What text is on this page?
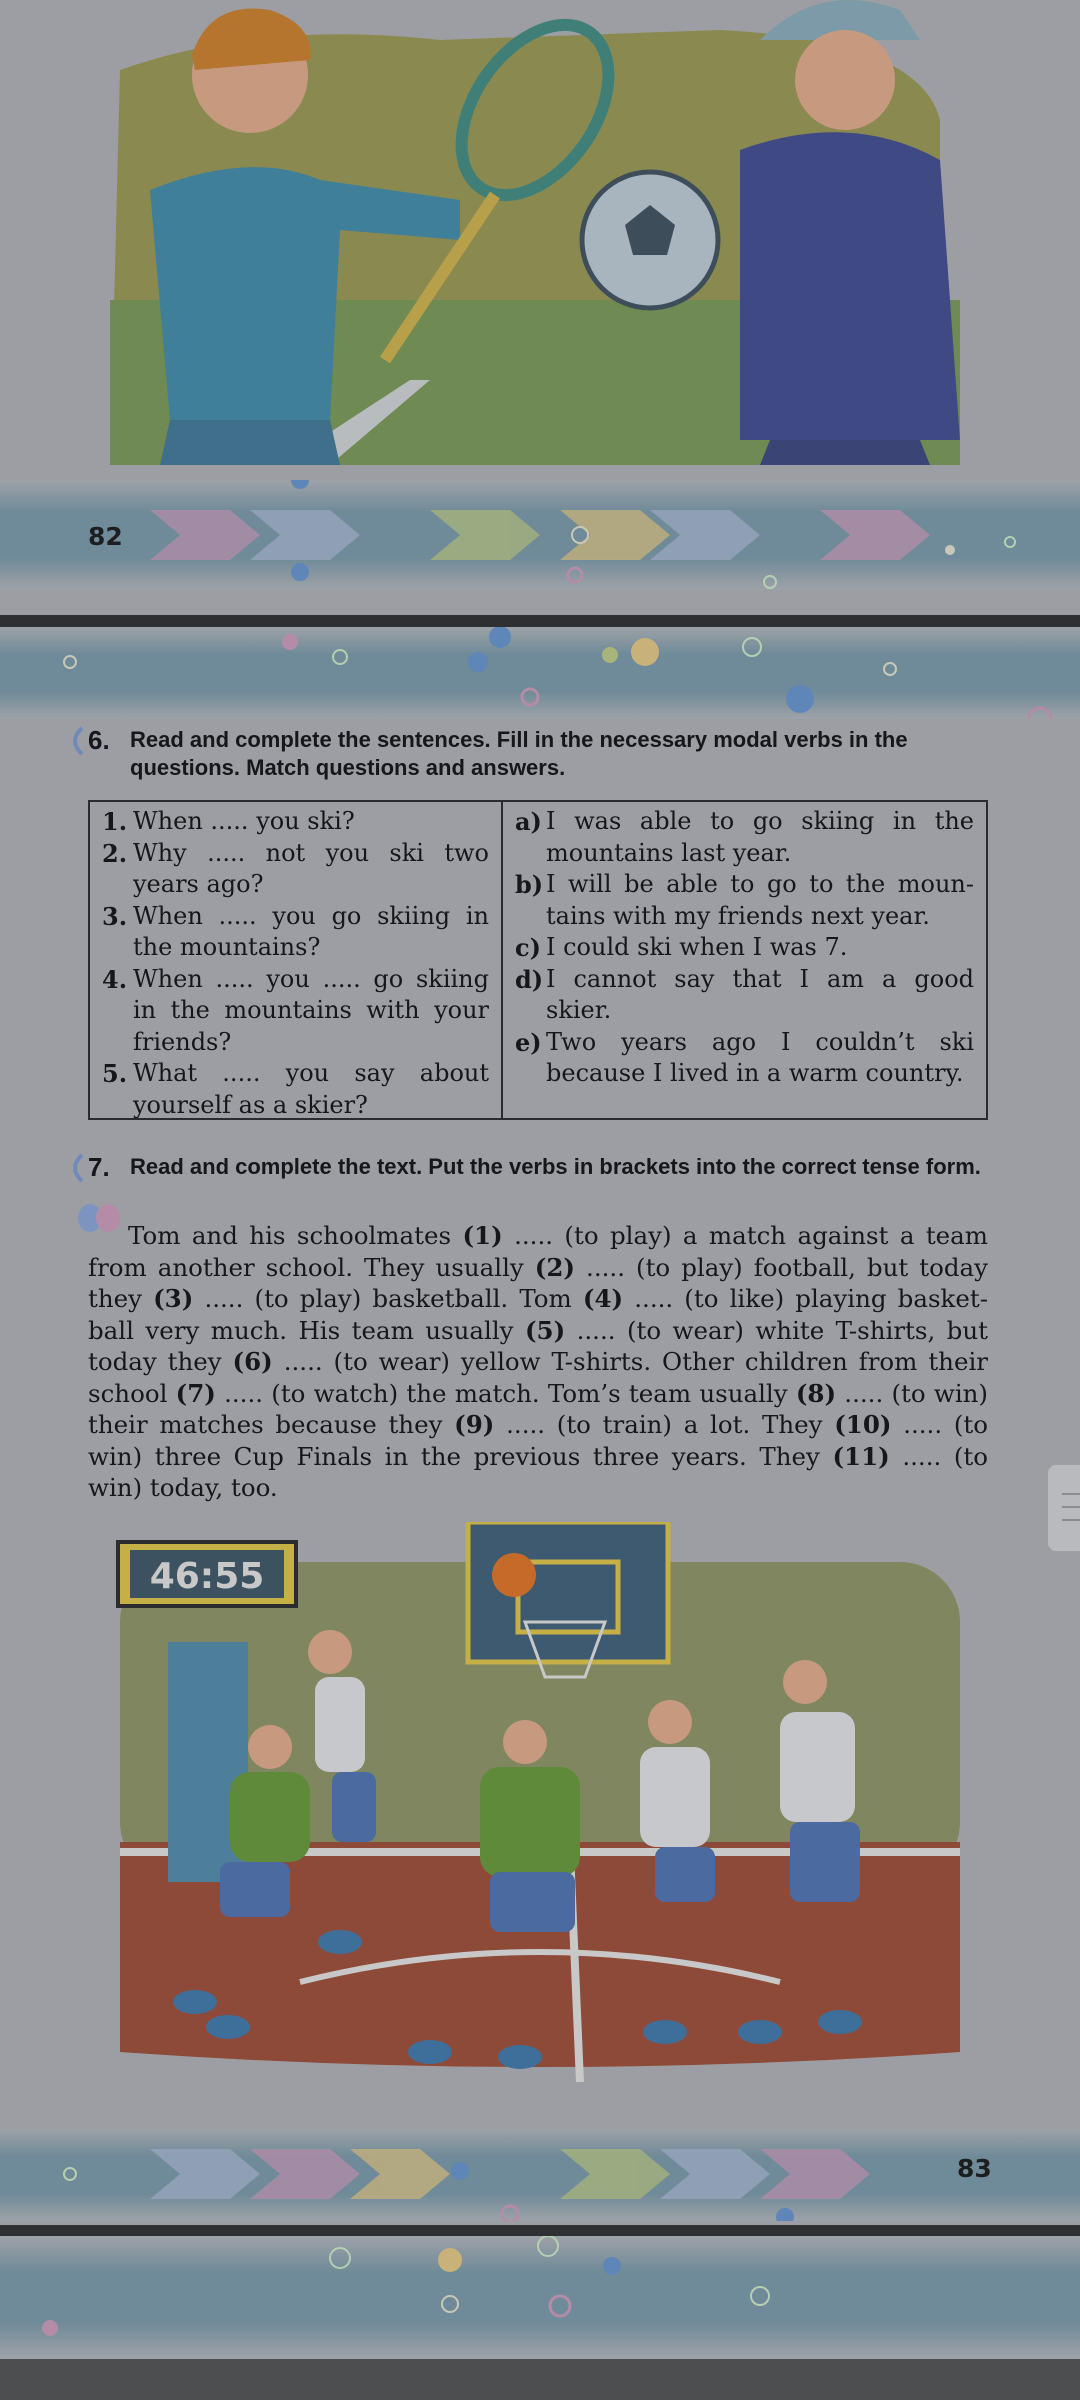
82
6. Read and complete the sentences. Fill in the necessary modal verbs in the questions. Match questions and answers.
1. When ..... you ski?
2. Why ..... not you ski two years ago?
3. When ..... you go skiing in the mountains?
4. When ..... you ..... go skiing in the mountains with your friends?
5. What ..... you say about yourself as a skier?
a) I was able to go skiing in the mountains last year.
b) I will be able to go to the moun-tains with my friends next year.
c) I could ski when I was 7.
d) I cannot say that I am a good skier.
e) Two years ago I couldn’t ski because I lived in a warm country.
7. Read and complete the text. Put the verbs in brackets into the correct tense form.
Tom and his schoolmates (1) ..... (to play) a match against a team from another school. They usually (2) ..... (to play) football, but today they (3) ..... (to play) basketball. Tom (4) ..... (to like) playing basket-ball very much. His team usually (5) ..... (to wear) white T-shirts, but today they (6) ..... (to wear) yellow T-shirts. Other children from their school (7) ..... (to watch) the match. Tom’s team usually (8) ..... (to win) their matches because they (9) ..... (to train) a lot. They (10) ..... (to win) three Cup Finals in the previous three years. They (11) ..... (to win) today, too.
46:55
83
